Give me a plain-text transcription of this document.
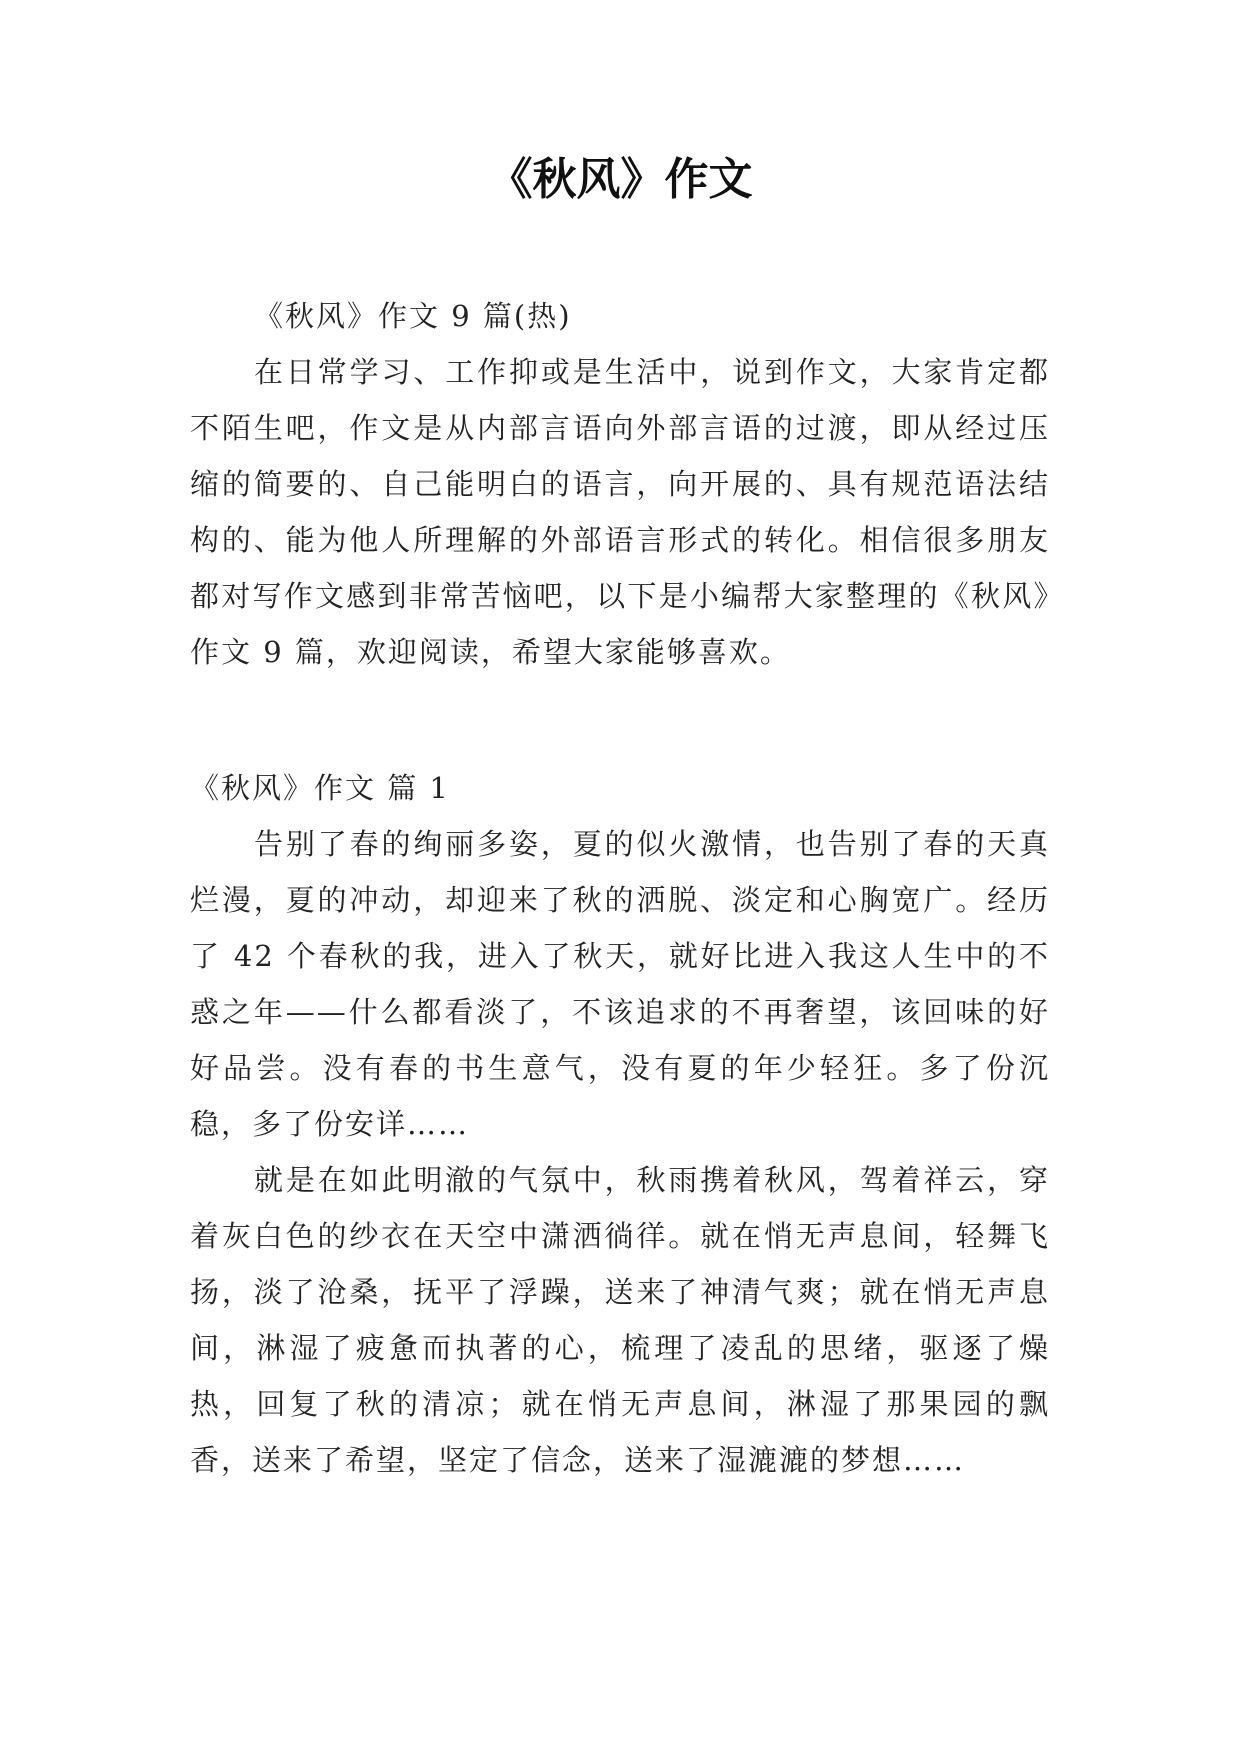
《秋风》作文

《秋风》作文 9 篇(热)

在日常学习、工作抑或是生活中，说到作文，大家肯定都不陌生吧，作文是从内部言语向外部言语的过渡，即从经过压缩的简要的、自己能明白的语言，向开展的、具有规范语法结构的、能为他人所理解的外部语言形式的转化。相信很多朋友都对写作文感到非常苦恼吧，以下是小编帮大家整理的《秋风》作文 9 篇，欢迎阅读，希望大家能够喜欢。

《秋风》作文 篇 1

告别了春的绚丽多姿，夏的似火激情，也告别了春的天真烂漫，夏的冲动，却迎来了秋的洒脱、淡定和心胸宽广。经历了 42 个春秋的我，进入了秋天，就好比进入我这人生中的不惑之年——什么都看淡了，不该追求的不再奢望，该回味的好好品尝。没有春的书生意气，没有夏的年少轻狂。多了份沉稳，多了份安详……

就是在如此明澈的气氛中，秋雨携着秋风，驾着祥云，穿着灰白色的纱衣在天空中潇洒徜徉。就在悄无声息间，轻舞飞扬，淡了沧桑，抚平了浮躁，送来了神清气爽；就在悄无声息间，淋湿了疲惫而执著的心，梳理了凌乱的思绪，驱逐了燥热，回复了秋的清凉；就在悄无声息间，淋湿了那果园的飘香，送来了希望，坚定了信念，送来了湿漉漉的梦想……
